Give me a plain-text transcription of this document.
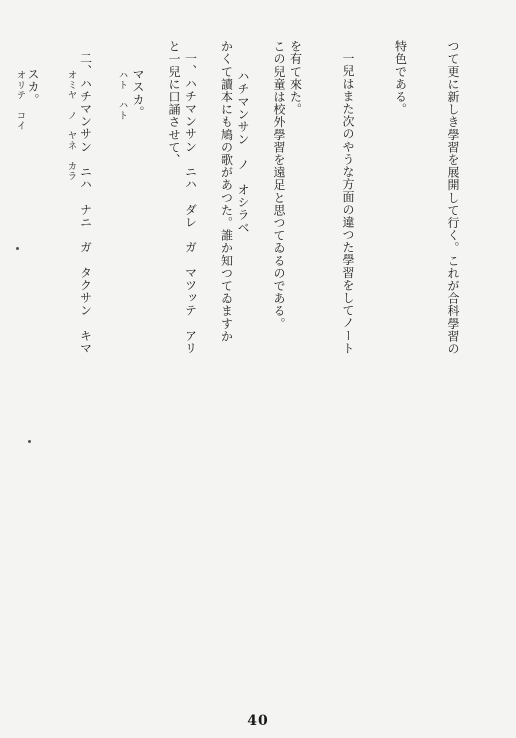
この兒童は校外學習を遠足と思つてゐるのである。

かくて讀本にも鳩の歌があつた。誰か知つてゐますか

と一兒に口誦させて、

ハト　ハト

オミヤ　ノ　ヤネ　カラ

オリテ　コイ

	つて更に新しき學習を展開して行く。これが合科學習の

特色である。

一兒はまた次のやうな方面の違つた學習をしてノート

を有て來た。

ハチマンサン　ノ　オシラベ

一、ハチマンサン　ニハ　ダレ　ガ　マツッテ　アリ

マスカ。

二、ハチマンサン　ニハ　ナニ　ガ　タクサン　キマ

スカ。

40
